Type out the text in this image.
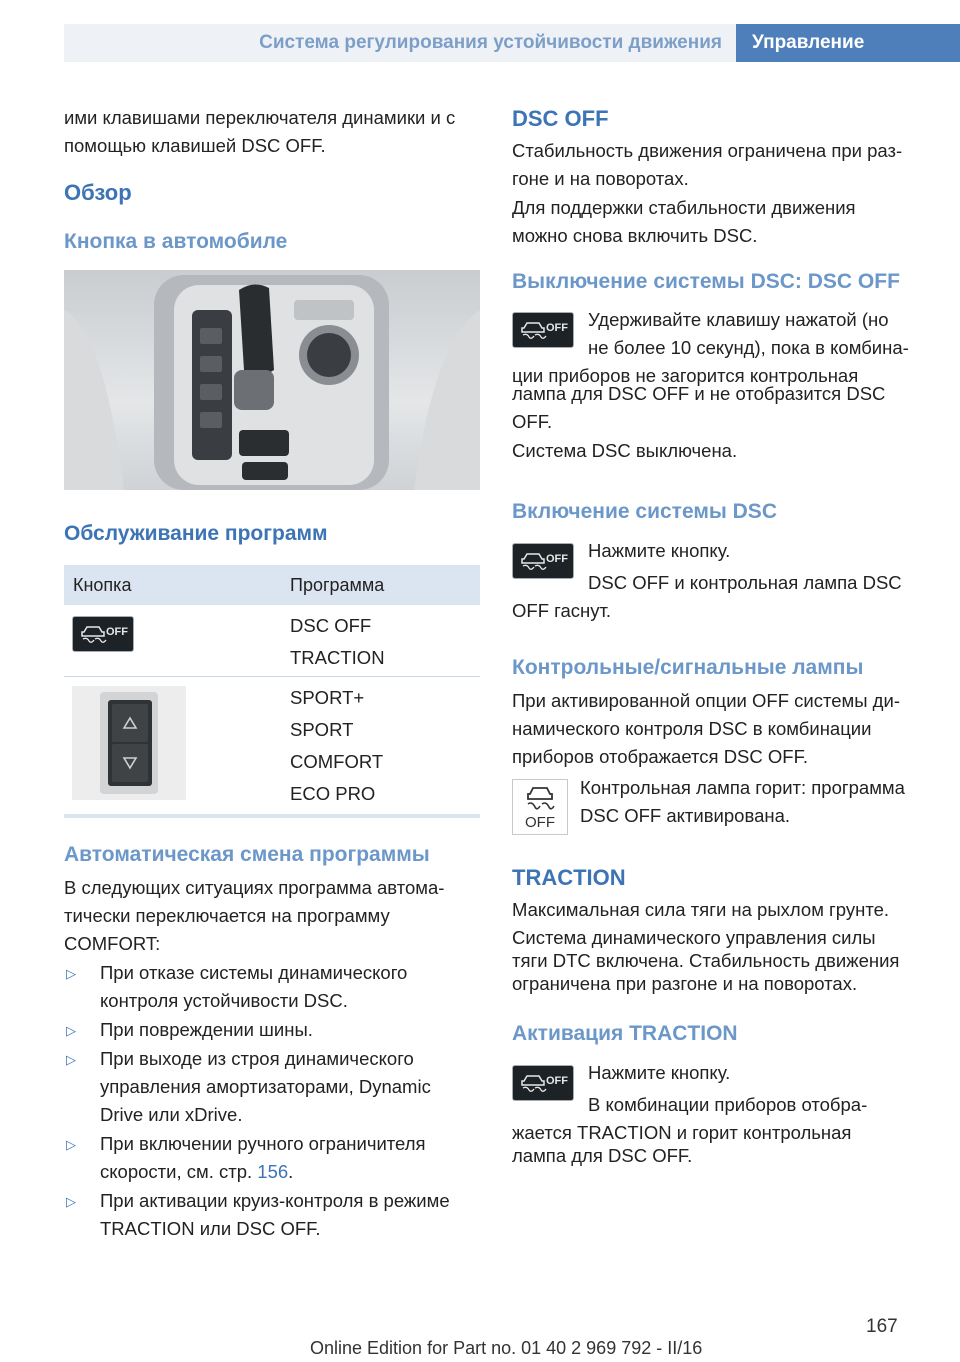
Система регулирования устойчивости движения Управление
ими клавишами переключателя динамики и с
помощью клавишей DSC OFF.
Обзор
Кнопка в автомобиле
Обслуживание программ
Кнопка	Программа
OFF	DSC OFF
TRACTION
SPORT+
SPORT
COMFORT
ECO PRO
Автоматическая смена программы
В следующих ситуациях программа автома-
тически переключается на программу
COMFORT:
▷ При отказе системы динамического
контроля устойчивости DSC.
▷ При повреждении шины.
▷ При выходе из строя динамического
управления амортизаторами, Dynamic
Drive или xDrive.
▷ При включении ручного ограничителя
скорости, см. стр. 156.
▷ При активации круиз-контроля в режиме
TRACTION или DSC OFF.
DSC OFF
Стабильность движения ограничена при раз-
гоне и на поворотах.
Для поддержки стабильности движения
можно снова включить DSC.
Выключение системы DSC: DSC OFF
OFF Удерживайте клавишу нажатой (но
не более 10 секунд), пока в комбина-
ции приборов не загорится контрольная
лампа для DSC OFF и не отобразится DSC
OFF.
Система DSC выключена.
Включение системы DSC
OFF Нажмите кнопку.
DSC OFF и контрольная лампа DSC
OFF гаснут.
Контрольные/сигнальные лампы
При активированной опции OFF системы ди-
намического контроля DSC в комбинации
приборов отображается DSC OFF.
OFF
Контрольная лампа горит: программа
DSC OFF активирована.
TRACTION
Максимальная сила тяги на рыхлом грунте.
Система динамического управления силы
тяги DTC включена. Стабильность движения
ограничена при разгоне и на поворотах.
Активация TRACTION
OFF Нажмите кнопку.
В комбинации приборов отобра-
жается TRACTION и горит контрольная
лампа для DSC OFF.
167
Online Edition for Part no. 01 40 2 969 792 - II/16
